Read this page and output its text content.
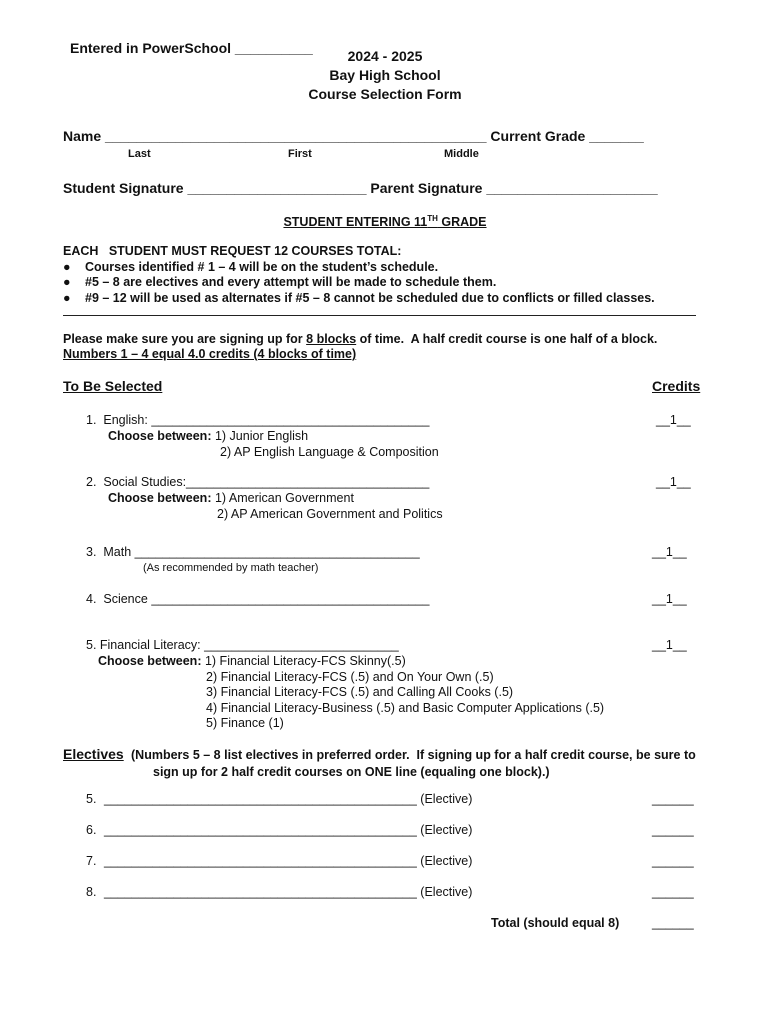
Entered in PowerSchool __________	2024 - 2025
Bay High School
Course Selection Form
Name _________________________________________________ Current Grade _______
Last	First	Middle
Student Signature _______________________ Parent Signature ______________________
STUDENT ENTERING 11TH GRADE
EACH   STUDENT MUST REQUEST 12 COURSES TOTAL:
● Courses identified # 1 – 4 will be on the student’s schedule.
● #5 – 8 are electives and every attempt will be made to schedule them.
● #9 – 12 will be used as alternates if #5 – 8 cannot be scheduled due to conflicts or filled classes.
Please make sure you are signing up for 8 blocks of time.  A half credit course is one half of a block.
Numbers 1 – 4 equal 4.0 credits (4 blocks of time)
To Be Selected	Credits
1.  English: ________________________________________	__1__
Choose between: 1) Junior English
2) AP English Language & Composition
2.  Social Studies:___________________________________	__1__
Choose between: 1) American Government
2) AP American Government and Politics
3.  Math _________________________________________	__1__
(As recommended by math teacher)
4.  Science ________________________________________	__1__
5. Financial Literacy: ____________________________	__1__
Choose between: 1) Financial Literacy-FCS Skinny(.5)
2) Financial Literacy-FCS (.5) and On Your Own (.5)
3) Financial Literacy-FCS (.5) and Calling All Cooks (.5)
4) Financial Literacy-Business (.5) and Basic Computer Applications (.5)
5) Finance (1)
Electives (Numbers 5 – 8 list electives in preferred order.  If signing up for a half credit course, be sure to
sign up for 2 half credit courses on ONE line (equaling one block).)
5. _____________________________________________ (Elective)	______
6. _____________________________________________ (Elective)	______
7. _____________________________________________ (Elective)	______
8. _____________________________________________ (Elective)	______
Total (should equal 8)	______
